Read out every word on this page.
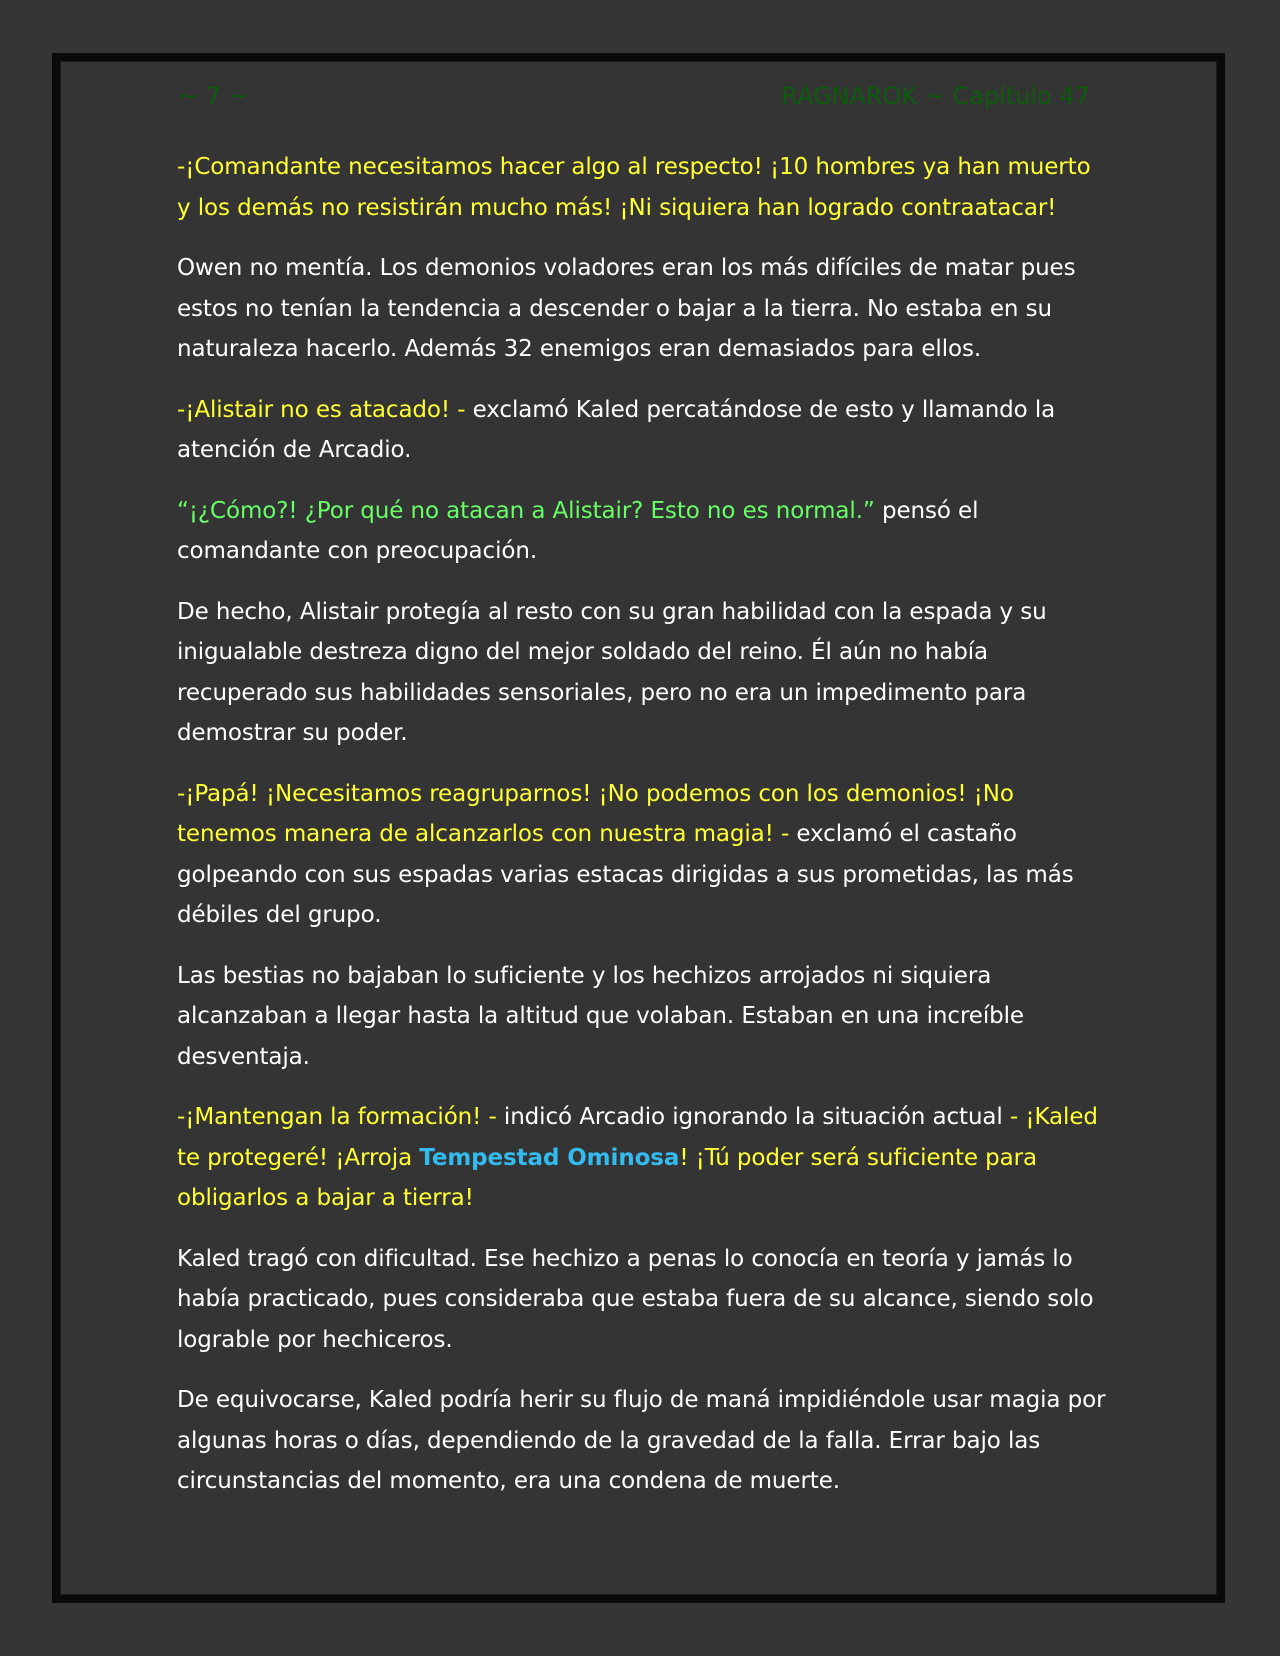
~ 7 ~	RAGNAROK ~ Capítulo 47

-¡Comandante necesitamos hacer algo al respecto! ¡10 hombres ya han muerto y los demás no resistirán mucho más! ¡Ni siquiera han logrado contraatacar!

Owen no mentía. Los demonios voladores eran los más difíciles de matar pues estos no tenían la tendencia a descender o bajar a la tierra. No estaba en su naturaleza hacerlo. Además 32 enemigos eran demasiados para ellos.

-¡Alistair no es atacado! - exclamó Kaled percatándose de esto y llamando la atención de Arcadio.

“¡¿Cómo?! ¿Por qué no atacan a Alistair? Esto no es normal.” pensó el comandante con preocupación.

De hecho, Alistair protegía al resto con su gran habilidad con la espada y su inigualable destreza digno del mejor soldado del reino. Él aún no había recuperado sus habilidades sensoriales, pero no era un impedimento para demostrar su poder.

-¡Papá! ¡Necesitamos reagruparnos! ¡No podemos con los demonios! ¡No tenemos manera de alcanzarlos con nuestra magia! - exclamó el castaño golpeando con sus espadas varias estacas dirigidas a sus prometidas, las más débiles del grupo.

Las bestias no bajaban lo suficiente y los hechizos arrojados ni siquiera alcanzaban a llegar hasta la altitud que volaban. Estaban en una increíble desventaja.

-¡Mantengan la formación! - indicó Arcadio ignorando la situación actual - ¡Kaled te protegeré! ¡Arroja Tempestad Ominosa! ¡Tú poder será suficiente para obligarlos a bajar a tierra!

Kaled tragó con dificultad. Ese hechizo a penas lo conocía en teoría y jamás lo había practicado, pues consideraba que estaba fuera de su alcance, siendo solo lograble por hechiceros.

De equivocarse, Kaled podría herir su flujo de maná impidiéndole usar magia por algunas horas o días, dependiendo de la gravedad de la falla. Errar bajo las circunstancias del momento, era una condena de muerte.
